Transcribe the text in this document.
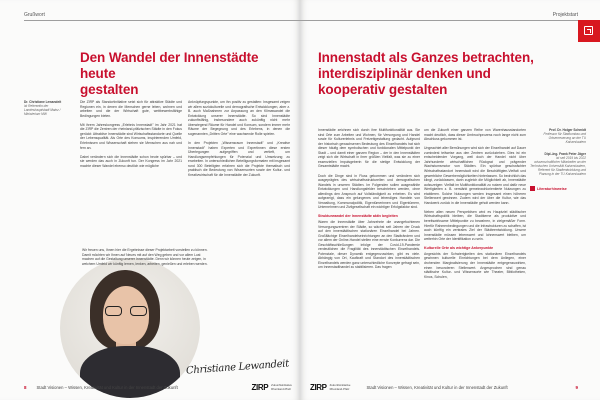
Grußwort
Den Wandel der Innenstädte heute
gestalten
Dr. Christiane Lewandeit
ist Referentin der Landeshauptstadt Mainz / Ministerium MW

Die ZIRP als Standortinitiative setzt sich für attraktive Städte und Regionen ein, in denen die Menschen gerne leben, wohnen und arbeiten und die der Wirtschaft gute, wettbewerbsfähige Bedingungen bieten.

Mit ihrem Jahreskongress „Erlebnis Innenstadt" im Jahr 2021 hat die ZIRP die Zentren der rheinland-pfälzischen Städte in den Fokus gerückt: Attraktive Innenstädte sind Wirtschaftsstandorte und Quelle der Lebensqualität. Als Orte des Konsums, inspirierenden Umfeld, Erlebnissen und Wissenschaft stehen sie Menschen aus nah und fern an.

Dabei verändern sich die Innenstädte schon heute spürbar – und sie werden das auch in Zukunft tun. Der Kongress im Jahr 2021 machte dieser Wandel ebenso deutlich wie mögliche

Anknüpfungspunkte, um ihn positiv zu gestalten: Insgesamt zeigen wir allem soziokulturelle und demografische Entwicklungen, aber z. B. auch Maßnahmen zur Anpassung an den Klimawandel die Entwicklung unserer Innenstädte. So sind Innenstädte zukunftsfähig, insbesondere auch zukünftig nicht mehr überwiegend Räume für Handel und Konsum, sondern immer mehr Räume der Begegnung und des Erlebens, in denen die sogenannten „Dritten Orte" eine wachsende Rolle spielen.

In den Projekten „Wissensraum Innenstadt" und „Kreative Innenstadt" haben Experten und Expertinnen diese ersten Überlegungen aufgegriffen und vertieft, um Handlungsempfehlungen für Potenzial und Umsetzung zu erarbeiten. In unterschiedlichen Beteiligungsformaten mit insgesamt rund 300 Beteiligten erfahren sich die Projekte thematisch und praktisch die Bedeutung von Wissensorten sowie der Kultur- und Kreativwirtschaft für die Innenstädte der Zukunft.

Wir freuen uns, Ihnen hier die Ergebnisse dieser Projektarbeit vorstellen zu können. Damit möchten wir Ihnen auf Neues mit auf den Weg geben und vor allem Lust machen auf die Gestaltung unserer Innenstädte. Denn wir können heute zeigen, in welchem Umfeld wir künftig lernen, lenken, arbeiten, genießen und erleben werden.
Christiane Lewandeit
8 Stadt Visionen – Wissen, Kreativität und Kultur in der Innenstadt der Zukunft	ZIRP Zukunftsinitiative
Rheinland-Pfalz
Projektstart
Innenstadt als Ganzes betrachten,
interdisziplinär denken und
kooperativ gestalten

Innenstädte zeichnen sich durch ihre Multifunktionalität aus. Sie sind Orte zum Arbeiten und Wohnen, für Versorgung und Handel sowie für Kulturerlebnis und Freizeitgestaltung gedacht. Aufgrund der historisch gewachsenen Bedeutung des Einzelhandels hat sich dieser häufig dem symbolischen und funktionalen Mittelpunkt der Stadt – und damit einer ganzen Region – der in den Innenstädten zeigt sich die Wirtschaft in ihrer größten Vielfalt, was sie zu einer essenziellen Impulsgeberin für die stetige Entwicklung der Gesamtstädte macht.

Doch die Dinge sind in Fluss gekommen und verändern sich ausgeprägtes des wirtschaftsstrukturellen und demografischen Wandels in unseren Städten. Im Folgenden sollen ausgewählte Entwicklungen und Handlungsfelder beschrieben werden, ohne allerdings den Anspruch auf Vollständigkeit zu erheben. Es wird aufgezeigt, dass ein gelungenes und lebendiges Handeln von Verwaltung, Kommunalpolitik, Eigentümerinnen und Eigentümern, Unternehmen und Zivilgesellschaft ein wichtiger Erfolgsfaktor sind.

Strukturwandel der Innenstädte aktiv begleiten

Waren die Innenstädte über Jahrzehnte die unangefochtenen Versorgungszentren der Städte, so wächst seit Jahren der Druck auf den innerstädtischen stationären Einzelhandel bei Jahren. Großflächige Einzelhandelseinrichtungen an den Stadträndern und vor allem der Online-Handel stellen eine ernste Konkurrenz dar. Die Geschäftsschließungen infolge der Covid-19-Pandemie verdeutlichen die Fragilität des innerstädtischen Einzelhandels. Potenziale, dieser Dynamik entgegenzuwirken, gibt es viele. Abhängig von Ort, Kaufkraft und Standort des innerstädtischen Einzelhandels werden ganz unterschiedliche Konzepte gefragt sein, um Innenstadthandel zu stabilisieren. Das fragen

um die Zukunft einer ganzen Reihe von Warenhausstandorten macht deutlich, dass dieser Umbruchprozess noch lange nicht zum Abschluss gekommen ist.

Ungeachtet aller Bemühungen wird sich der Einzelhandel auf Dauer zumindest teilweise aus den Zentren zurückziehen. Dies ist ein entscheidender Vorgang, weil doch der Handel nicht über Jahrhunderte wirtschaftlichen Rückgrat und prägender Wachstumsmotor von Städten. Ein spürbar geschwächter Wirtschaftsstandort Innenstadt wird die Beschäftigten-Vielfalt und gewerbliche Gewerbemöglichkeiten hinterlassen. So bedrohlich das klingt, zurücklassen, darin zugleich die Möglichkeit ab, Innenstädte aufzuzeigen: Vielfalt im Multifunktionalität zu nutzen und dafür neue Wertigkeiten z. B. verstärkt gemeinwohlorientierte Nutzungen zu etablieren. Solche Nutzungen werden insgesamt einen höheren Stellenwert gewinnen. Zudem wird der über die Kultur, wie das Handwerk zurück in die Innenstädte geholt werden kann.

Neben allen neuen Perspektiven wird es Hauptziel städtischer Wirtschaftspolitik bleiben, die Stadtkerne als produktive und bereitswirksame Mittelpunkte zu bewahren, in zielgemäßer Form. Hierfür Rahmenbedingungen und die Infrastrukturen zu schaffen, ist auch künftig ein zentrales Ziel der Städteentwicklung. Unsere Innenstädte müssen lebenswert und lohnenswert bleiben, um weiterhin Orte der Identifikation zu sein.

Kulturelle Orte als wichtige Ankerpunkte

Angesichts der Schwierigkeiten des stationären Einzelhandels gewinnen kulturelle Einrichtungen bei dem Anliegen, einer drohenden Marginalisierung der Innenstädte entgegenzuwirken, einen besonderen Stellenwert. Angesprochen sind genau städtische Kultur- und Wissensorte wie Theater, Bibliotheken, Kinos, Schulen,

Prof. Dr. Holger Schmidt
Professor für Stadtumbau und Ortserneuerung an der TU Kaiserslautern
Dipl.-Ing. Frank Peter Jäger
ist seit 2019 bis 2022 wissenschaftlicher Mitarbeiter an der Technischen Universität Kaiserslautern, Referent für Stadtentwicklung und Planung in der TU Kaiserslautern
Literaturhinweise
ZIRP Zukunftsinitiative
Rheinland-Pfalz	Stadt Visionen – Wissen, Kreativität und Kultur in der Innenstadt der Zukunft	9
